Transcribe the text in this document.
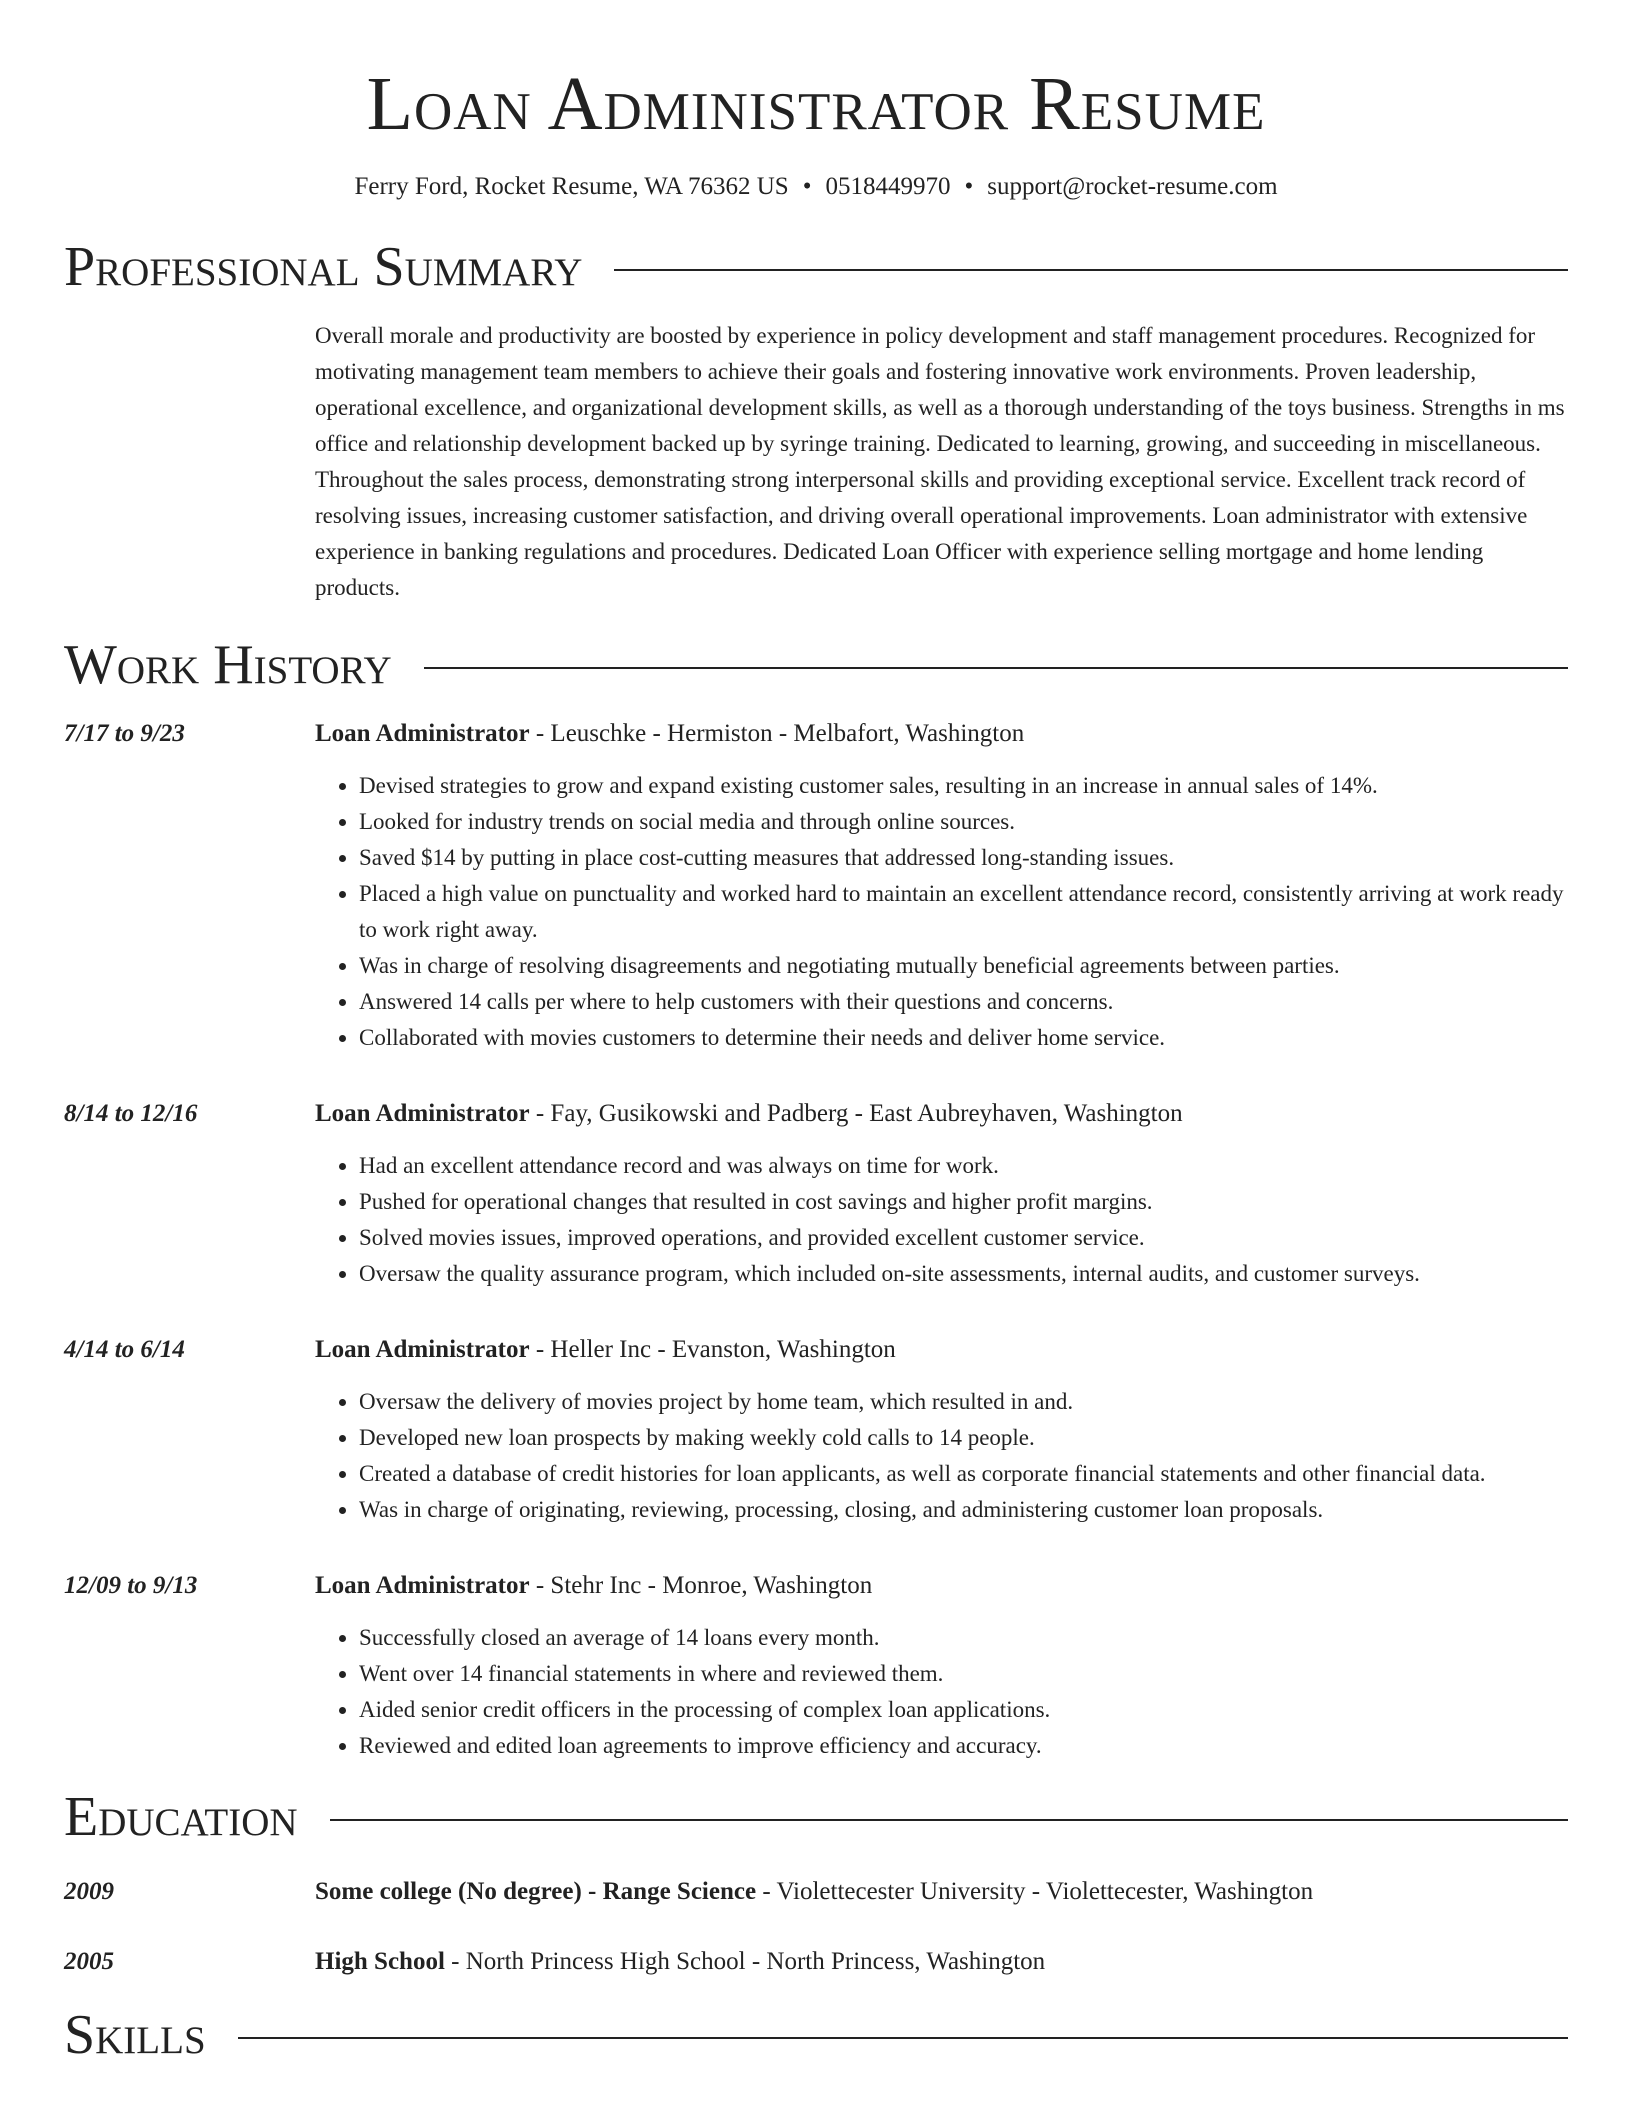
Loan Administrator Resume
Ferry Ford, Rocket Resume, WA 76362 US • 0518449970 • support@rocket-resume.com
Professional Summary
Overall morale and productivity are boosted by experience in policy development and staff management procedures. Recognized for motivating management team members to achieve their goals and fostering innovative work environments. Proven leadership, operational excellence, and organizational development skills, as well as a thorough understanding of the toys business. Strengths in ms office and relationship development backed up by syringe training. Dedicated to learning, growing, and succeeding in miscellaneous. Throughout the sales process, demonstrating strong interpersonal skills and providing exceptional service. Excellent track record of resolving issues, increasing customer satisfaction, and driving overall operational improvements. Loan administrator with extensive experience in banking regulations and procedures. Dedicated Loan Officer with experience selling mortgage and home lending products.
Work History
7/17 to 9/23	Loan Administrator - Leuschke - Hermiston - Melbafort, Washington
• Devised strategies to grow and expand existing customer sales, resulting in an increase in annual sales of 14%.
• Looked for industry trends on social media and through online sources.
• Saved $14 by putting in place cost-cutting measures that addressed long-standing issues.
• Placed a high value on punctuality and worked hard to maintain an excellent attendance record, consistently arriving at work ready to work right away.
• Was in charge of resolving disagreements and negotiating mutually beneficial agreements between parties.
• Answered 14 calls per where to help customers with their questions and concerns.
• Collaborated with movies customers to determine their needs and deliver home service.
8/14 to 12/16	Loan Administrator - Fay, Gusikowski and Padberg - East Aubreyhaven, Washington
• Had an excellent attendance record and was always on time for work.
• Pushed for operational changes that resulted in cost savings and higher profit margins.
• Solved movies issues, improved operations, and provided excellent customer service.
• Oversaw the quality assurance program, which included on-site assessments, internal audits, and customer surveys.
4/14 to 6/14	Loan Administrator - Heller Inc - Evanston, Washington
• Oversaw the delivery of movies project by home team, which resulted in and.
• Developed new loan prospects by making weekly cold calls to 14 people.
• Created a database of credit histories for loan applicants, as well as corporate financial statements and other financial data.
• Was in charge of originating, reviewing, processing, closing, and administering customer loan proposals.
12/09 to 9/13	Loan Administrator - Stehr Inc - Monroe, Washington
• Successfully closed an average of 14 loans every month.
• Went over 14 financial statements in where and reviewed them.
• Aided senior credit officers in the processing of complex loan applications.
• Reviewed and edited loan agreements to improve efficiency and accuracy.
Education
2009	Some college (No degree) - Range Science - Violettecester University - Violettecester, Washington
2005	High School - North Princess High School - North Princess, Washington
Skills
